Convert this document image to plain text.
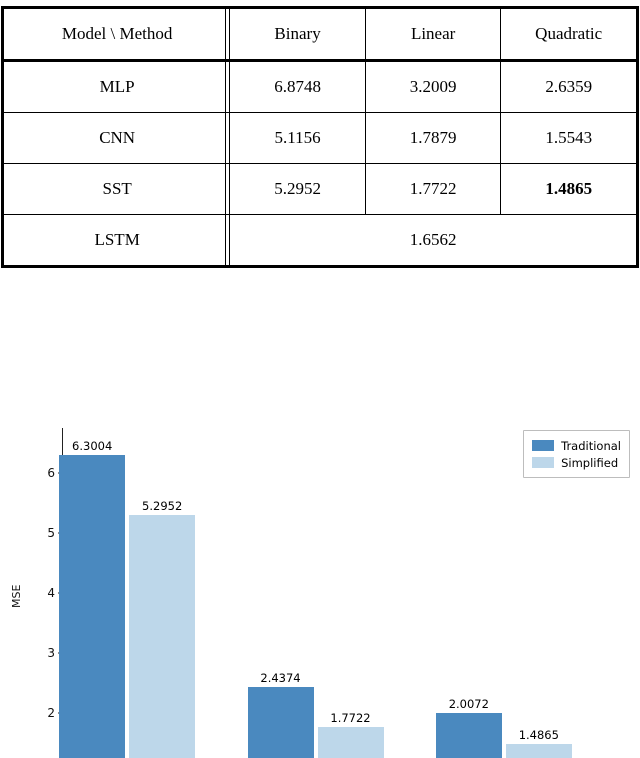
Model \ Method	Binary	Linear	Quadratic
MLP	6.8748	3.2009	2.6359
CNN	5.1156	1.7879	1.5543
SST	5.2952	1.7722	1.4865
LSTM	1.6562		
MSE
2
3
4
5
6
6.3004
5.2952
2.4374
1.7722
2.0072
1.4865
Traditional
Simplified
